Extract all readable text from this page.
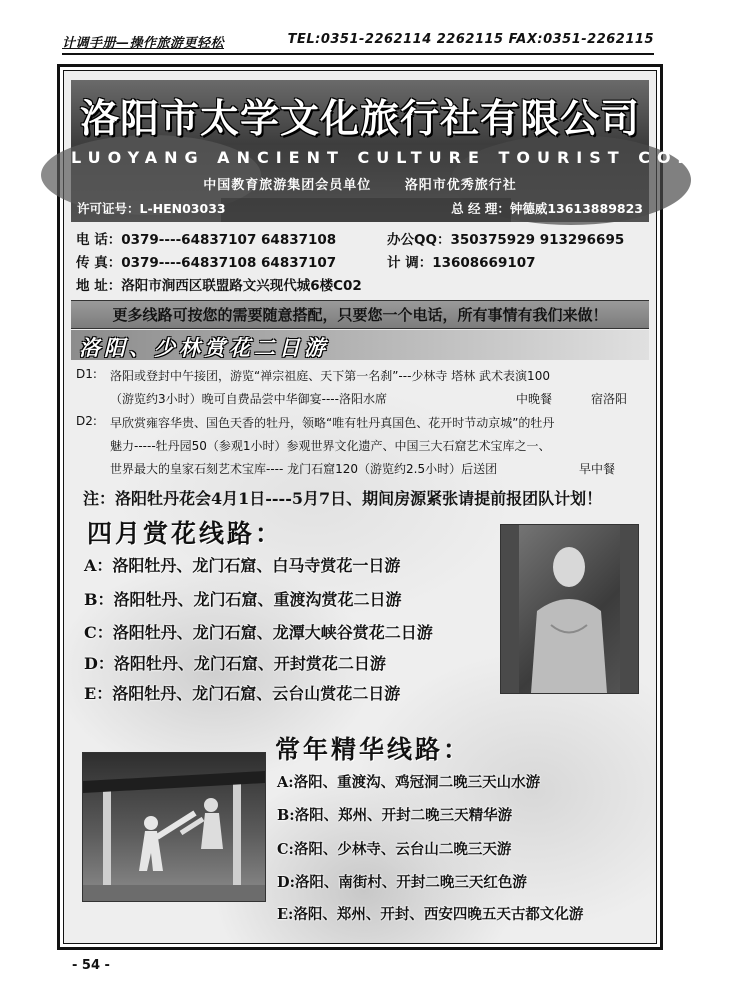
计调手册—操作旅游更轻松	TEL:0351-2262114 2262115 FAX:0351-2262115
洛阳市太学文化旅行社有限公司
LUOYANG ANCIENT CULTURE TOURIST CO.LTD
中国教育旅游集团会员单位	洛阳市优秀旅行社
许可证号：L-HEN03033	总 经 理：钟德威13613889823
电 话：0379----64837107 64837108	办公QQ：350375929 913296695
传 真：0379----64837108 64837107	计 调：13608669107
地 址：洛阳市涧西区联盟路文兴现代城6楼C02
更多线路可按您的需要随意搭配，只要您一个电话，所有事情有我们来做！
洛阳、少林赏花二日游
D1: 洛阳或登封中午接团，游览“禅宗祖庭、天下第一名刹”---少林寺 塔林 武术表演100
（游览约3小时）晚可自费品尝中华御宴----洛阳水席	中晚餐	宿洛阳
D2: 早欣赏雍容华贵、国色天香的牡丹，领略“唯有牡丹真国色、花开时节动京城”的牡丹
魅力-----牡丹园50（参观1小时）参观世界文化遗产、中国三大石窟艺术宝库之一、
世界最大的皇家石刻艺术宝库---- 龙门石窟120（游览约2.5小时）后送团	早中餐
注：洛阳牡丹花会4月1日----5月7日、期间房源紧张请提前报团队计划！
四月赏花线路：
A：洛阳牡丹、龙门石窟、白马寺赏花一日游
B：洛阳牡丹、龙门石窟、重渡沟赏花二日游
C：洛阳牡丹、龙门石窟、龙潭大峡谷赏花二日游
D：洛阳牡丹、龙门石窟、开封赏花二日游
E：洛阳牡丹、龙门石窟、云台山赏花二日游
常年精华线路：
A:洛阳、重渡沟、鸡冠洞二晚三天山水游
B:洛阳、郑州、开封二晚三天精华游
C:洛阳、少林寺、云台山二晚三天游
D:洛阳、南街村、开封二晚三天红色游
E:洛阳、郑州、开封、西安四晚五天古都文化游
- 54 -
